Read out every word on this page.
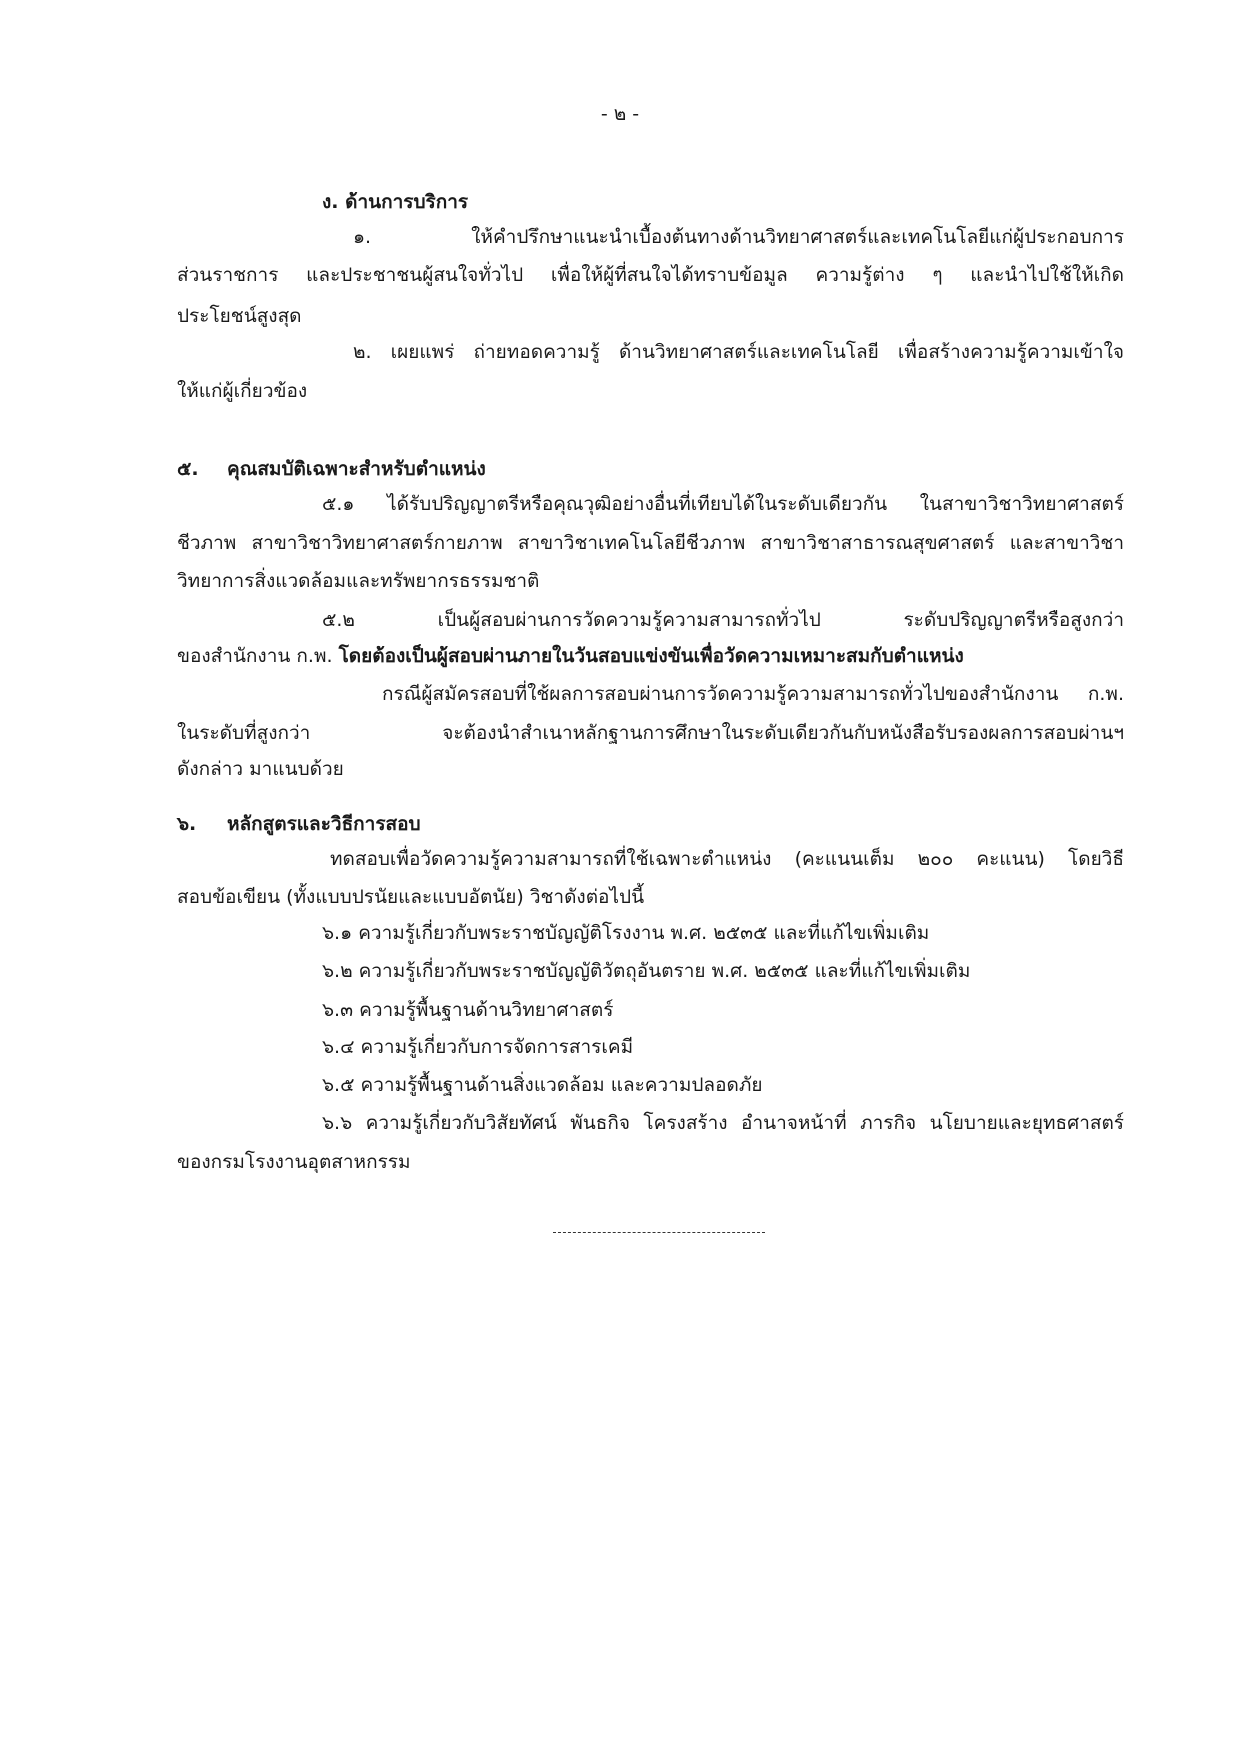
- ๒ -
ง. ด้านการบริการ
๑. ให้คำปรึกษาแนะนำเบื้องต้นทางด้านวิทยาศาสตร์และเทคโนโลยีแก่ผู้ประกอบการ
ส่วนราชการ และประชาชนผู้สนใจทั่วไป เพื่อให้ผู้ที่สนใจได้ทราบข้อมูล ความรู้ต่าง ๆ และนำไปใช้ให้เกิด
ประโยชน์สูงสุด
๒. เผยแพร่ ถ่ายทอดความรู้ ด้านวิทยาศาสตร์และเทคโนโลยี เพื่อสร้างความรู้ความเข้าใจ
ให้แก่ผู้เกี่ยวข้อง
๕. คุณสมบัติเฉพาะสำหรับตำแหน่ง
๕.๑ ได้รับปริญญาตรีหรือคุณวุฒิอย่างอื่นที่เทียบได้ในระดับเดียวกัน ในสาขาวิชาวิทยาศาสตร์
ชีวภาพ สาขาวิชาวิทยาศาสตร์กายภาพ สาขาวิชาเทคโนโลยีชีวภาพ สาขาวิชาสาธารณสุขศาสตร์ และสาขาวิชา
วิทยาการสิ่งแวดล้อมและทรัพยากรธรรมชาติ
๕.๒ เป็นผู้สอบผ่านการวัดความรู้ความสามารถทั่วไป ระดับปริญญาตรีหรือสูงกว่า
ของสำนักงาน ก.พ. โดยต้องเป็นผู้สอบผ่านภายในวันสอบแข่งขันเพื่อวัดความเหมาะสมกับตำแหน่ง
กรณีผู้สมัครสอบที่ใช้ผลการสอบผ่านการวัดความรู้ความสามารถทั่วไปของสำนักงาน ก.พ.
ในระดับที่สูงกว่า จะต้องนำสำเนาหลักฐานการศึกษาในระดับเดียวกันกับหนังสือรับรองผลการสอบผ่านฯ
ดังกล่าว มาแนบด้วย
๖. หลักสูตรและวิธีการสอบ
ทดสอบเพื่อวัดความรู้ความสามารถที่ใช้เฉพาะตำแหน่ง (คะแนนเต็ม ๒๐๐ คะแนน) โดยวิธี
สอบข้อเขียน (ทั้งแบบปรนัยและแบบอัตนัย) วิชาดังต่อไปนี้
๖.๑ ความรู้เกี่ยวกับพระราชบัญญัติโรงงาน พ.ศ. ๒๕๓๕ และที่แก้ไขเพิ่มเติม
๖.๒ ความรู้เกี่ยวกับพระราชบัญญัติวัตถุอันตราย พ.ศ. ๒๕๓๕ และที่แก้ไขเพิ่มเติม
๖.๓ ความรู้พื้นฐานด้านวิทยาศาสตร์
๖.๔ ความรู้เกี่ยวกับการจัดการสารเคมี
๖.๕ ความรู้พื้นฐานด้านสิ่งแวดล้อม และความปลอดภัย
๖.๖ ความรู้เกี่ยวกับวิสัยทัศน์ พันธกิจ โครงสร้าง อำนาจหน้าที่ ภารกิจ นโยบายและยุทธศาสตร์
ของกรมโรงงานอุตสาหกรรม
